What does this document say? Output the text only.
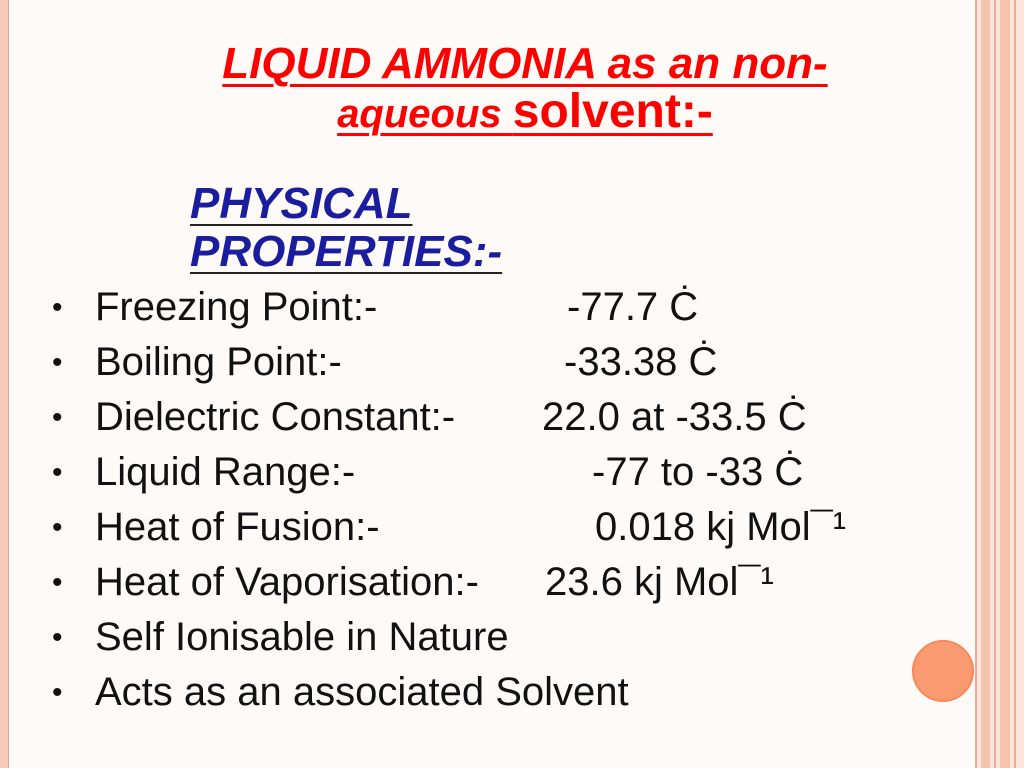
LIQUID AMMONIA as an non-
aqueous solvent:-
PHYSICAL
PROPERTIES:-
• Freezing Point:-	-77.7 Ċ
• Boiling Point:-	-33.38 Ċ
• Dielectric Constant:- 22.0 at -33.5 Ċ
• Liquid Range:-	-77 to -33 Ċ
• Heat of Fusion:-	0.018 kj Mol¯¹
• Heat of Vaporisation:- 23.6 kj Mol¯¹
• Self Ionisable in Nature
• Acts as an associated Solvent
